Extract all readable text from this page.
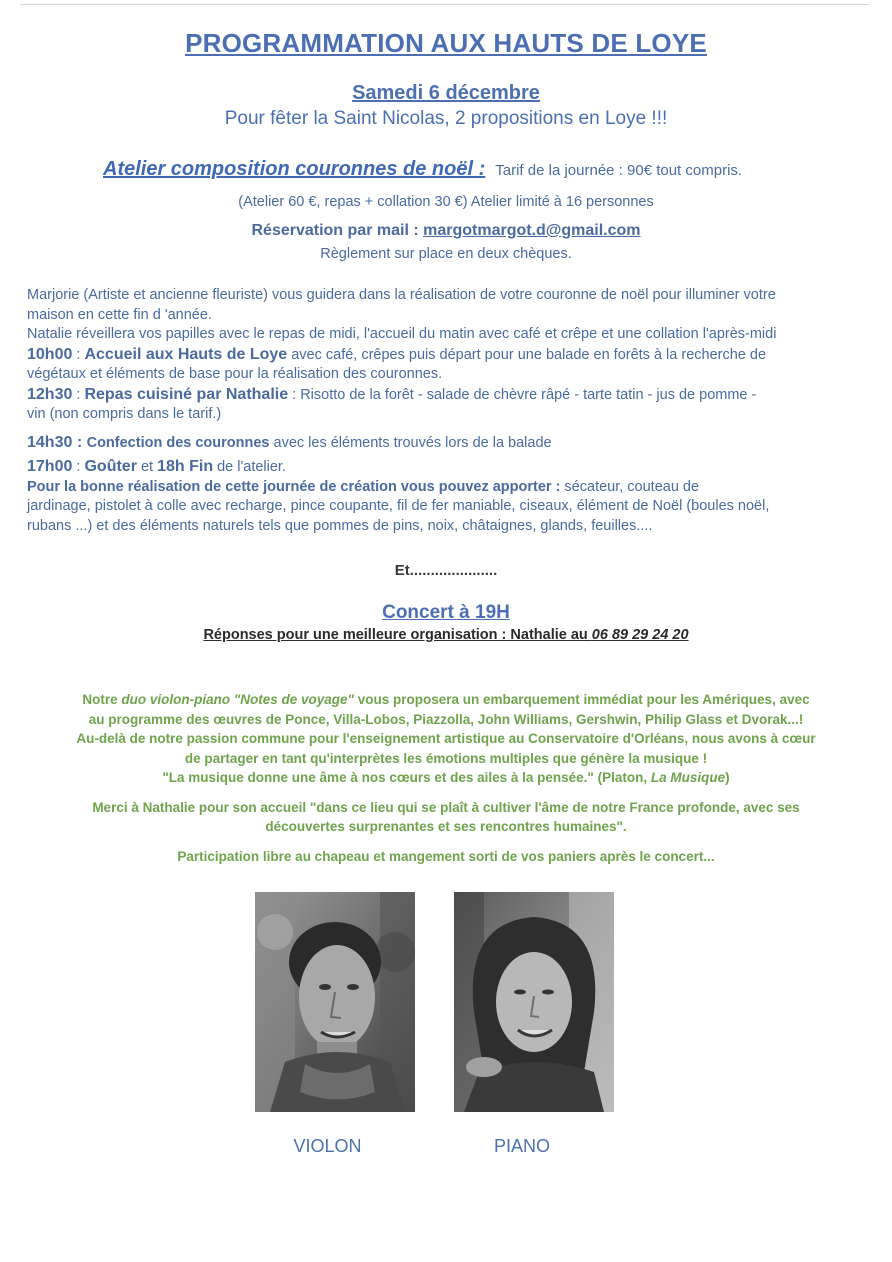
PROGRAMMATION AUX HAUTS DE LOYE
Samedi 6 décembre
Pour fêter la Saint Nicolas, 2 propositions en Loye !!!
Atelier composition couronnes de noël : Tarif de la journée : 90€ tout compris.
(Atelier 60 €, repas + collation 30 €) Atelier limité à 16 personnes
Réservation par mail : margotmargot.d@gmail.com
Règlement sur place en deux chèques.
Marjorie (Artiste et ancienne fleuriste) vous guidera dans la réalisation de votre couronne de noël pour illuminer votre
maison en cette fin d 'année.
Natalie réveillera vos papilles avec le repas de midi, l'accueil du matin avec café et crêpe et une collation l'après-midi
10h00 : Accueil aux Hauts de Loye avec café, crêpes puis départ pour une balade en forêts à la recherche de
végétaux et éléments de base pour la réalisation des couronnes.
12h30 : Repas cuisiné par Nathalie : Risotto de la forêt - salade de chèvre râpé - tarte tatin - jus de pomme -
vin (non compris dans le tarif.)
14h30 : Confection des couronnes avec les éléments trouvés lors de la balade
17h00 : Goûter et 18h Fin de l'atelier.
Pour la bonne réalisation de cette journée de création vous pouvez apporter : sécateur, couteau de
jardinage, pistolet à colle avec recharge, pince coupante, fil de fer maniable, ciseaux, élément de Noël (boules noël,
rubans ...) et des éléments naturels tels que pommes de pins, noix, châtaignes, glands, feuilles....
Et.....................
Concert à 19H
Réponses pour une meilleure organisation : Nathalie au 06 89 29 24 20
Notre duo violon-piano "Notes de voyage" vous proposera un embarquement immédiat pour les Amériques, avec
au programme des œuvres de Ponce, Villa-Lobos, Piazzolla, John Williams, Gershwin, Philip Glass et Dvorak...!
Au-delà de notre passion commune pour l'enseignement artistique au Conservatoire d'Orléans, nous avons à cœur
de partager en tant qu'interprètes les émotions multiples que génère la musique !
"La musique donne une âme à nos cœurs et des ailes à la pensée." (Platon, La Musique)
Merci à Nathalie pour son accueil "dans ce lieu qui se plaît à cultiver l'âme de notre France profonde, avec ses
découvertes surprenantes et ses rencontres humaines".
Participation libre au chapeau et mangement sorti de vos paniers après le concert...
VIOLON	PIANO
